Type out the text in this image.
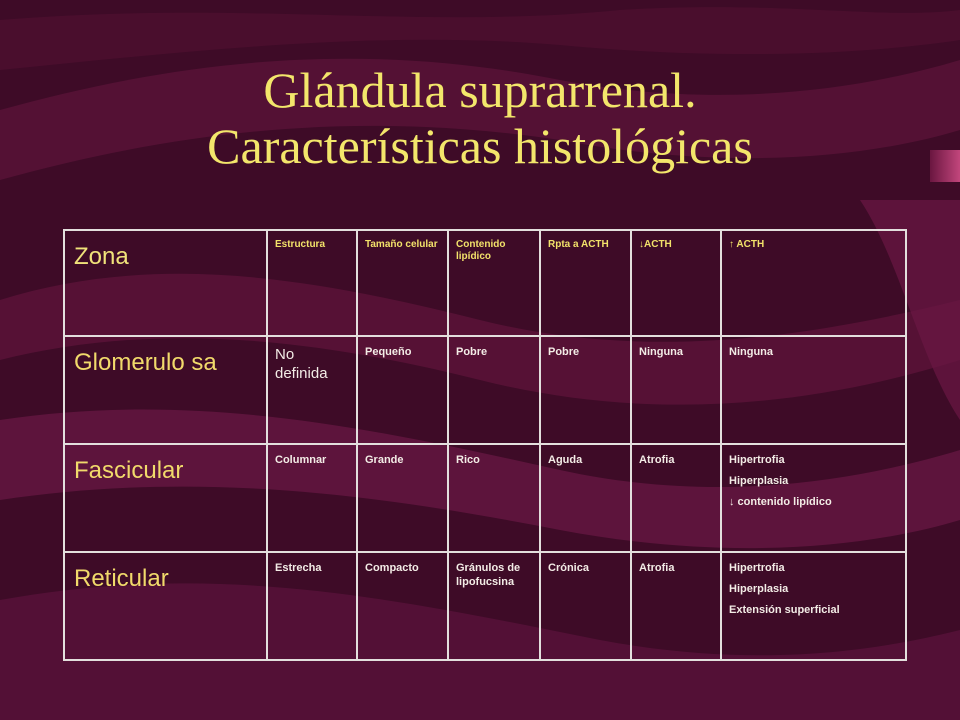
Glándula suprarrenal.
Características histológicas
Zona	Estructura	Tamaño celular	Contenido lipídico	Rpta a ACTH	↓ACTH	↑ ACTH
Glomerulo sa	No definida	Pequeño	Pobre	Pobre	Ninguna	Ninguna

Fascicular	Columnar	Grande	Rico	Aguda	Atrofia	Hipertrofia
Hiperplasia
↓ contenido lipídico

Reticular	Estrecha	Compacto	Gránulos de lipofucsina	Crónica	Atrofia	Hipertrofia
Hiperplasia
Extensión superficial
